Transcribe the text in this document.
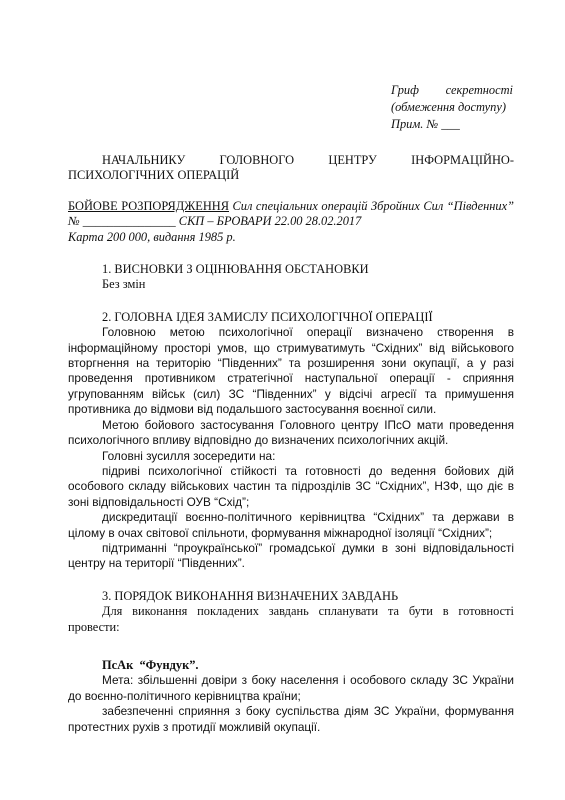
Гриф секретності
(обмеження доступу)
Прим. № ___

НАЧАЛЬНИКУ ГОЛОВНОГО ЦЕНТРУ ІНФОРМАЦІЙНО-

ПСИХОЛОГІЧНИХ ОПЕРАЦІЙ

БОЙОВЕ РОЗПОРЯДЖЕННЯ Сил спеціальних операцій Збройних Сил “Південних” № _______________ СКП – БРОВАРИ 22.00 28.02.2017

Карта 200 000, видання 1985 р.

1. ВИСНОВКИ З ОЦІНЮВАННЯ ОБСТАНОВКИ

Без змін

2. ГОЛОВНА ІДЕЯ ЗАМИСЛУ ПСИХОЛОГІЧНОЇ ОПЕРАЦІЇ

Головною метою психологічної операції визначено створення в інформаційному просторі умов, що стримуватимуть “Східних” від військового вторгнення на територію “Південних” та розширення зони окупації, а у разі проведення противником стратегічної наступальної операції - сприяння угрупованням військ (сил) ЗС “Південних” у відсічі агресії та примушення противника до відмови від подальшого застосування воєнної сили.

Метою бойового застосування Головного центру ІПсО мати проведення психологічного впливу відповідно до визначених психологічних акцій.

Головні зусилля зосередити на:

підриві психологічної стійкості та готовності до ведення бойових дій особового складу військових частин та підрозділів ЗС “Східних”, НЗФ, що діє в зоні відповідальності ОУВ “Схід”;

дискредитації воєнно-політичного керівництва “Східних” та держави в цілому в очах світової спільноти, формування міжнародної ізоляції “Східних”;

підтриманні “проукраїнської” громадської думки в зоні відповідальності центру на території “Південних”.

3. ПОРЯДОК ВИКОНАННЯ ВИЗНАЧЕНИХ ЗАВДАНЬ

Для виконання покладених завдань спланувати та бути в готовності провести:

ПсАк “Фундук”.

Мета: збільшенні довіри з боку населення і особового складу ЗС України до воєнно-політичного керівництва країни;

забезпеченні сприяння з боку суспільства діям ЗС України, формування протестних рухів з протидії можливій окупації.
